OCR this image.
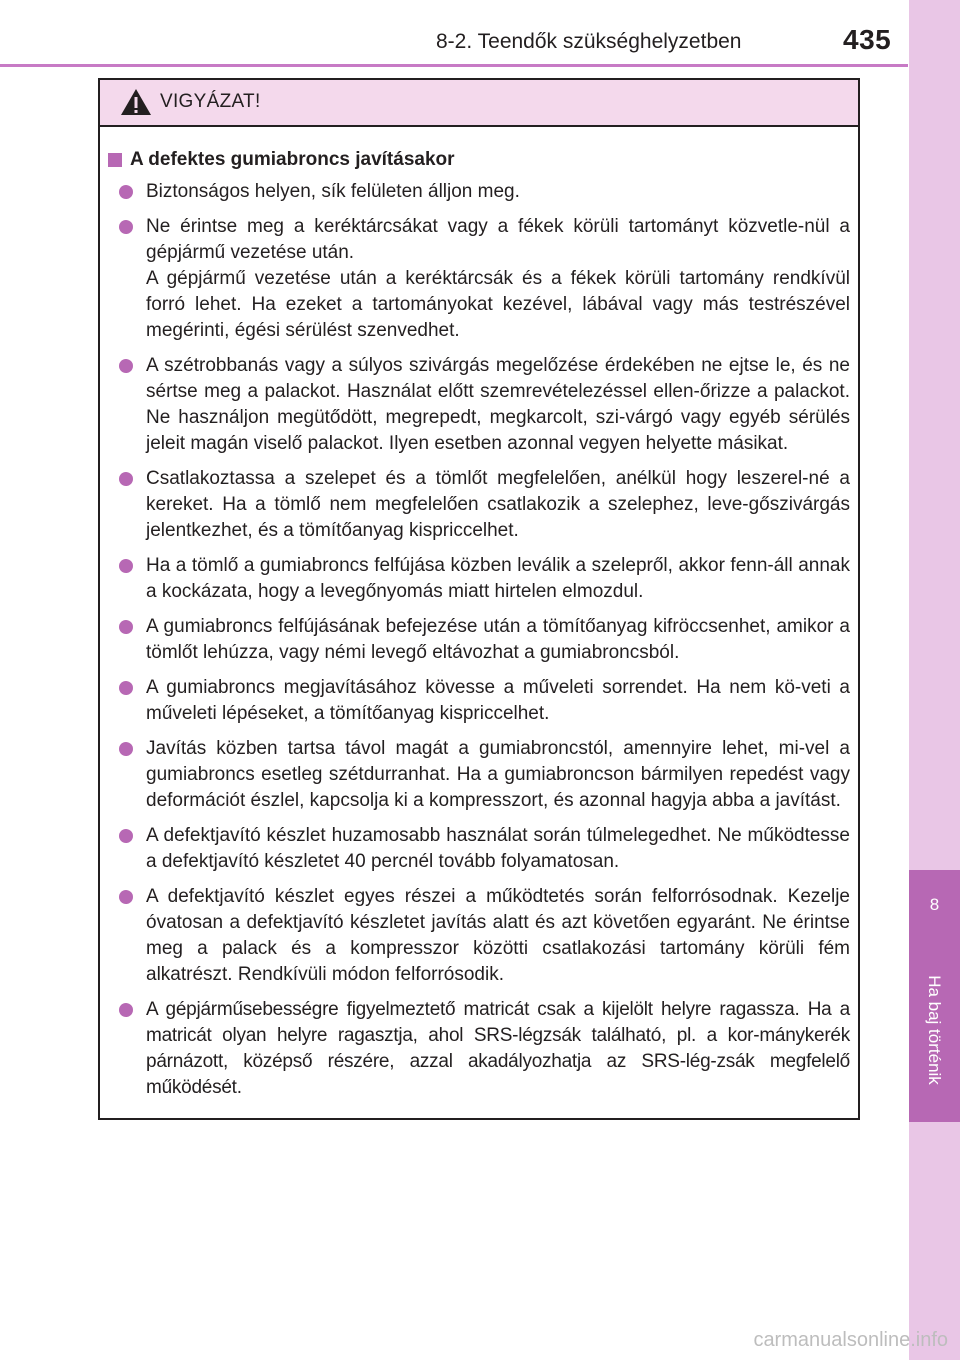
8-2. Teendők szükséghelyzetben	435
8
Ha baj történik
VIGYÁZAT!
A defektes gumiabroncs javításakor

Biztonságos helyen, sík felületen álljon meg.

Ne érintse meg a keréktárcsákat vagy a fékek körüli tartományt közvetle-nül a gépjármű vezetése után.

A gépjármű vezetése után a keréktárcsák és a fékek körüli tartomány rendkívül forró lehet. Ha ezeket a tartományokat kezével, lábával vagy más testrészével megérinti, égési sérülést szenvedhet.

A szétrobbanás vagy a súlyos szivárgás megelőzése érdekében ne ejtse le, és ne sértse meg a palackot. Használat előtt szemrevételezéssel ellen-őrizze a palackot. Ne használjon megütődött, megrepedt, megkarcolt, szi-várgó vagy egyéb sérülés jeleit magán viselő palackot. Ilyen esetben azonnal vegyen helyette másikat.

Csatlakoztassa a szelepet és a tömlőt megfelelően, anélkül hogy leszerel-né a kereket. Ha a tömlő nem megfelelően csatlakozik a szelephez, leve-gőszivárgás jelentkezhet, és a tömítőanyag kispriccelhet.

Ha a tömlő a gumiabroncs felfújása közben leválik a szelepről, akkor fenn-áll annak a kockázata, hogy a levegőnyomás miatt hirtelen elmozdul.

A gumiabroncs felfújásának befejezése után a tömítőanyag kifröccsenhet, amikor a tömlőt lehúzza, vagy némi levegő eltávozhat a gumiabroncsból.

A gumiabroncs megjavításához kövesse a műveleti sorrendet. Ha nem kö-veti a műveleti lépéseket, a tömítőanyag kispriccelhet.

Javítás közben tartsa távol magát a gumiabroncstól, amennyire lehet, mi-vel a gumiabroncs esetleg szétdurranhat. Ha a gumiabroncson bármilyen repedést vagy deformációt észlel, kapcsolja ki a kompresszort, és azonnal hagyja abba a javítást.

A defektjavító készlet huzamosabb használat során túlmelegedhet. Ne működtesse a defektjavító készletet 40 percnél tovább folyamatosan.

A defektjavító készlet egyes részei a működtetés során felforrósodnak. Kezelje óvatosan a defektjavító készletet javítás alatt és azt követően egyaránt. Ne érintse meg a palack és a kompresszor közötti csatlakozási tartomány körüli fém alkatrészt. Rendkívüli módon felforrósodik.

A gépjárműsebességre figyelmeztető matricát csak a kijelölt helyre ragassza. Ha a matricát olyan helyre ragasztja, ahol SRS-légzsák található, pl. a kor-mánykerék párnázott, középső részére, azzal akadályozhatja az SRS-lég-zsák megfelelő működését.

carmanualsonline.info
